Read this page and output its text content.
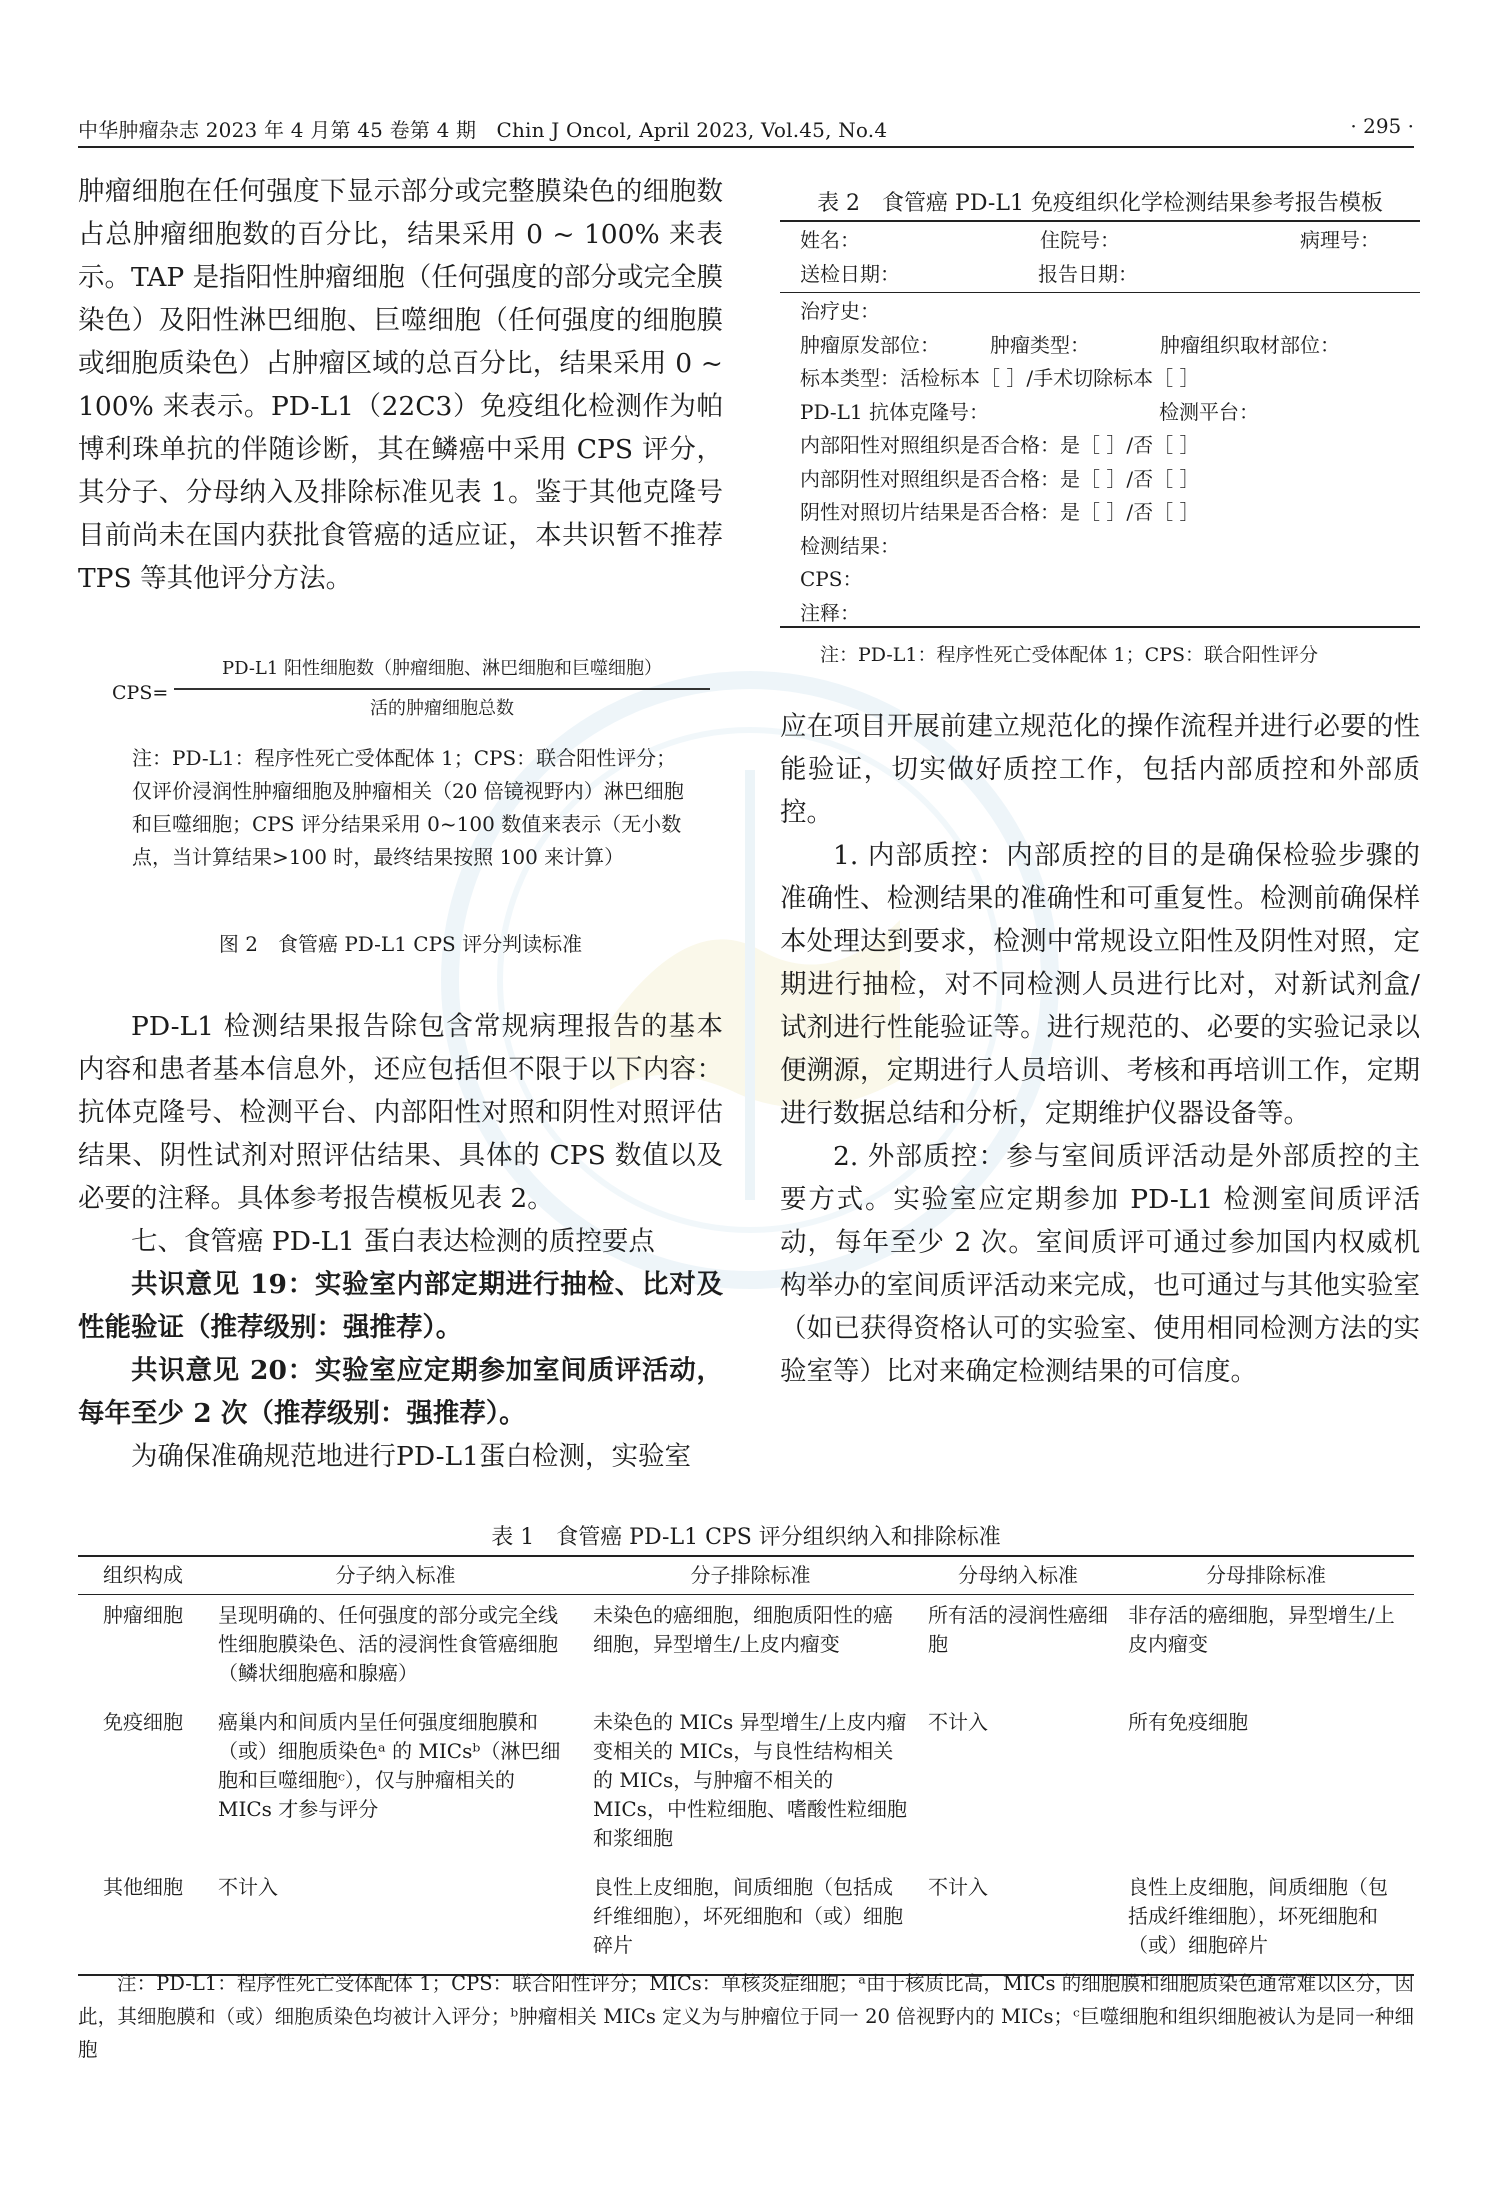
中华肿瘤杂志 2023 年 4 月第 45 卷第 4 期　Chin J Oncol, April 2023, Vol.45, No.4	· 295 ·

肿瘤细胞在任何强度下显示部分或完整膜染色的细胞数占总肿瘤细胞数的百分比，结果采用 0 ~ 100% 来表示。TAP 是指阳性肿瘤细胞（任何强度的部分或完全膜染色）及阳性淋巴细胞、巨噬细胞（任何强度的细胞膜或细胞质染色）占肿瘤区域的总百分比，结果采用 0 ~ 100% 来表示。PD-L1（22C3）免疫组化检测作为帕博利珠单抗的伴随诊断，其在鳞癌中采用 CPS 评分，其分子、分母纳入及排除标准见表 1。鉴于其他克隆号目前尚未在国内获批食管癌的适应证，本共识暂不推荐 TPS 等其他评分方法。

CPS=
PD-L1 阳性细胞数（肿瘤细胞、淋巴细胞和巨噬细胞）
活的肿瘤细胞总数
注：PD-L1：程序性死亡受体配体 1；CPS：联合阳性评分；仅评价浸润性肿瘤细胞及肿瘤相关（20 倍镜视野内）淋巴细胞和巨噬细胞；CPS 评分结果采用 0~100 数值来表示（无小数点，当计算结果>100 时，最终结果按照 100 来计算）
图 2　食管癌 PD-L1 CPS 评分判读标准

PD-L1 检测结果报告除包含常规病理报告的基本内容和患者基本信息外，还应包括但不限于以下内容：抗体克隆号、检测平台、内部阳性对照和阴性对照评估结果、阴性试剂对照评估结果、具体的 CPS 数值以及必要的注释。具体参考报告模板见表 2。

七、食管癌 PD-L1 蛋白表达检测的质控要点

共识意见 19：实验室内部定期进行抽检、比对及性能验证（推荐级别：强推荐）。

共识意见 20：实验室应定期参加室间质评活动，每年至少 2 次（推荐级别：强推荐）。

为确保准确规范地进行PD-L1蛋白检测，实验室

表 2　食管癌 PD-L1 免疫组织化学检测结果参考报告模板
姓名：	住院号：	病理号：
送检日期：	报告日期：
治疗史：
肿瘤原发部位：　　　肿瘤类型：　　　　肿瘤组织取材部位：
标本类型：活检标本［ ］/手术切除标本［ ］
PD-L1 抗体克隆号：　　　　　　　　　检测平台：
内部阳性对照组织是否合格：是［ ］/否［ ］
内部阴性对照组织是否合格：是［ ］/否［ ］
阴性对照切片结果是否合格：是［ ］/否［ ］
检测结果：
CPS：
注释：
注：PD-L1：程序性死亡受体配体 1；CPS：联合阳性评分

应在项目开展前建立规范化的操作流程并进行必要的性能验证，切实做好质控工作，包括内部质控和外部质控。

1. 内部质控：内部质控的目的是确保检验步骤的准确性、检测结果的准确性和可重复性。检测前确保样本处理达到要求，检测中常规设立阳性及阴性对照，定期进行抽检，对不同检测人员进行比对，对新试剂盒/试剂进行性能验证等。进行规范的、必要的实验记录以便溯源，定期进行人员培训、考核和再培训工作，定期进行数据总结和分析，定期维护仪器设备等。

2. 外部质控：参与室间质评活动是外部质控的主要方式。实验室应定期参加 PD-L1 检测室间质评活动，每年至少 2 次。室间质评可通过参加国内权威机构举办的室间质评活动来完成，也可通过与其他实验室（如已获得资格认可的实验室、使用相同检测方法的实验室等）比对来确定检测结果的可信度。

表 1　食管癌 PD-L1 CPS 评分组织纳入和排除标准
组织构成	分子纳入标准	分子排除标准	分母纳入标准	分母排除标准
肿瘤细胞	呈现明确的、任何强度的部分或完全线性细胞膜染色、活的浸润性食管癌细胞（鳞状细胞癌和腺癌）	未染色的癌细胞，细胞质阳性的癌细胞，异型增生/上皮内瘤变	所有活的浸润性癌细胞	非存活的癌细胞，异型增生/上皮内瘤变
免疫细胞	癌巢内和间质内呈任何强度细胞膜和（或）细胞质染色ᵃ 的 MICsᵇ（淋巴细胞和巨噬细胞ᶜ），仅与肿瘤相关的 MICs 才参与评分	未染色的 MICs 异型增生/上皮内瘤变相关的 MICs，与良性结构相关的 MICs，与肿瘤不相关的 MICs，中性粒细胞、嗜酸性粒细胞和浆细胞	不计入	所有免疫细胞
其他细胞	不计入	良性上皮细胞，间质细胞（包括成纤维细胞），坏死细胞和（或）细胞碎片	不计入	良性上皮细胞，间质细胞（包括成纤维细胞），坏死细胞和（或）细胞碎片
注：PD-L1：程序性死亡受体配体 1；CPS：联合阳性评分；MICs：单核炎症细胞；ᵃ由于核质比高，MICs 的细胞膜和细胞质染色通常难以区分，因此，其细胞膜和（或）细胞质染色均被计入评分；ᵇ肿瘤相关 MICs 定义为与肿瘤位于同一 20 倍视野内的 MICs；ᶜ巨噬细胞和组织细胞被认为是同一种细胞
